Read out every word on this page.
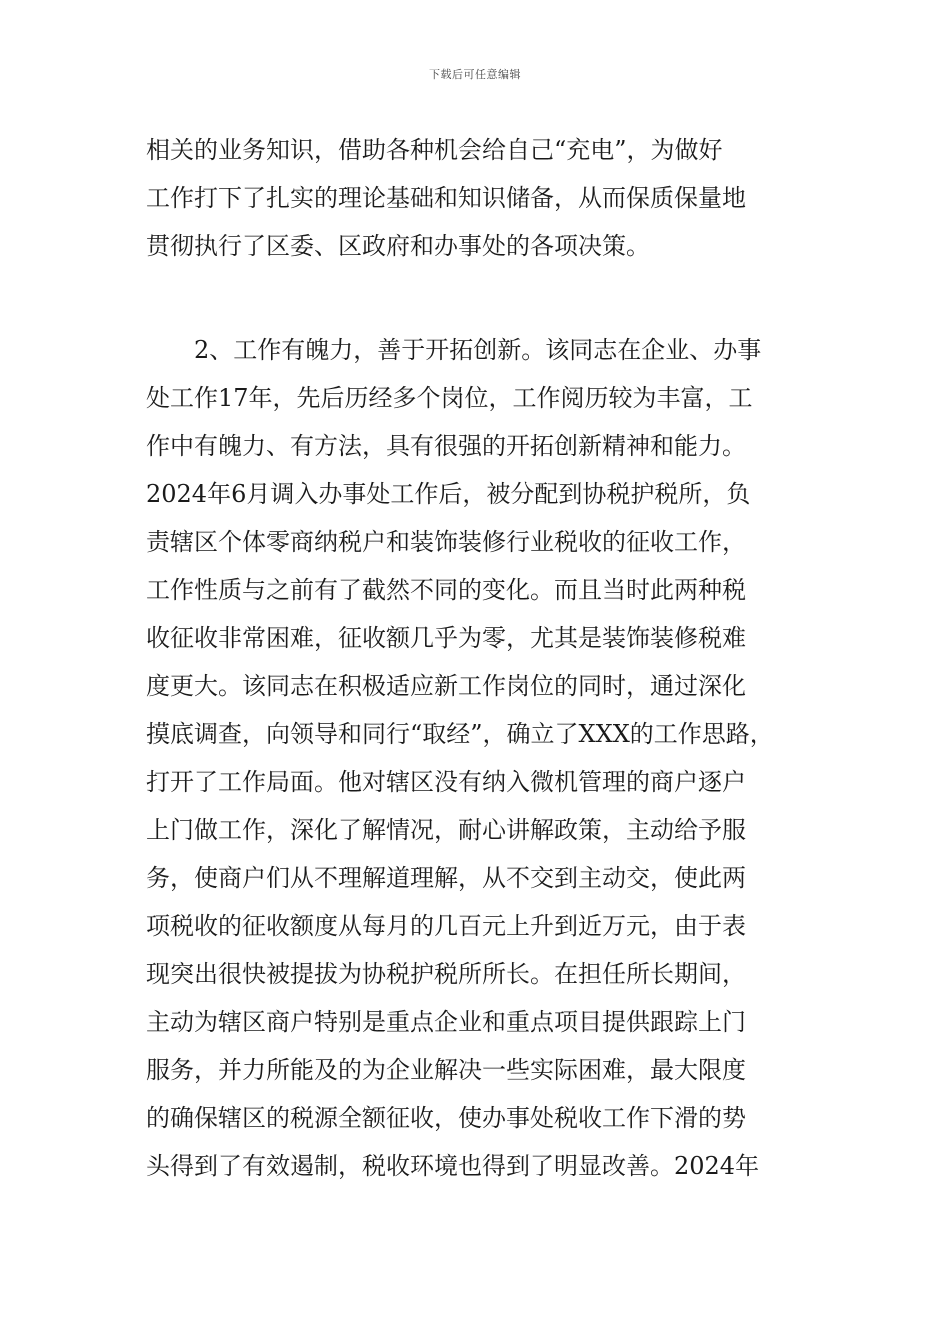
下载后可任意编辑
相关的业务知识，借助各种机会给自己“充电”，为做好
工作打下了扎实的理论基础和知识储备，从而保质保量地
贯彻执行了区委、区政府和办事处的各项决策。
2、工作有魄力，善于开拓创新。该同志在企业、办事
处工作17年，先后历经多个岗位，工作阅历较为丰富，工
作中有魄力、有方法，具有很强的开拓创新精神和能力。
2024年6月调入办事处工作后，被分配到协税护税所，负
责辖区个体零商纳税户和装饰装修行业税收的征收工作，
工作性质与之前有了截然不同的变化。而且当时此两种税
收征收非常困难，征收额几乎为零，尤其是装饰装修税难
度更大。该同志在积极适应新工作岗位的同时，通过深化
摸底调查，向领导和同行“取经”，确立了XXX的工作思路，
打开了工作局面。他对辖区没有纳入微机管理的商户逐户
上门做工作，深化了解情况，耐心讲解政策，主动给予服
务，使商户们从不理解道理解，从不交到主动交，使此两
项税收的征收额度从每月的几百元上升到近万元，由于表
现突出很快被提拔为协税护税所所长。在担任所长期间，
主动为辖区商户特别是重点企业和重点项目提供跟踪上门
服务，并力所能及的为企业解决一些实际困难，最大限度
的确保辖区的税源全额征收，使办事处税收工作下滑的势
头得到了有效遏制，税收环境也得到了明显改善。2024年
